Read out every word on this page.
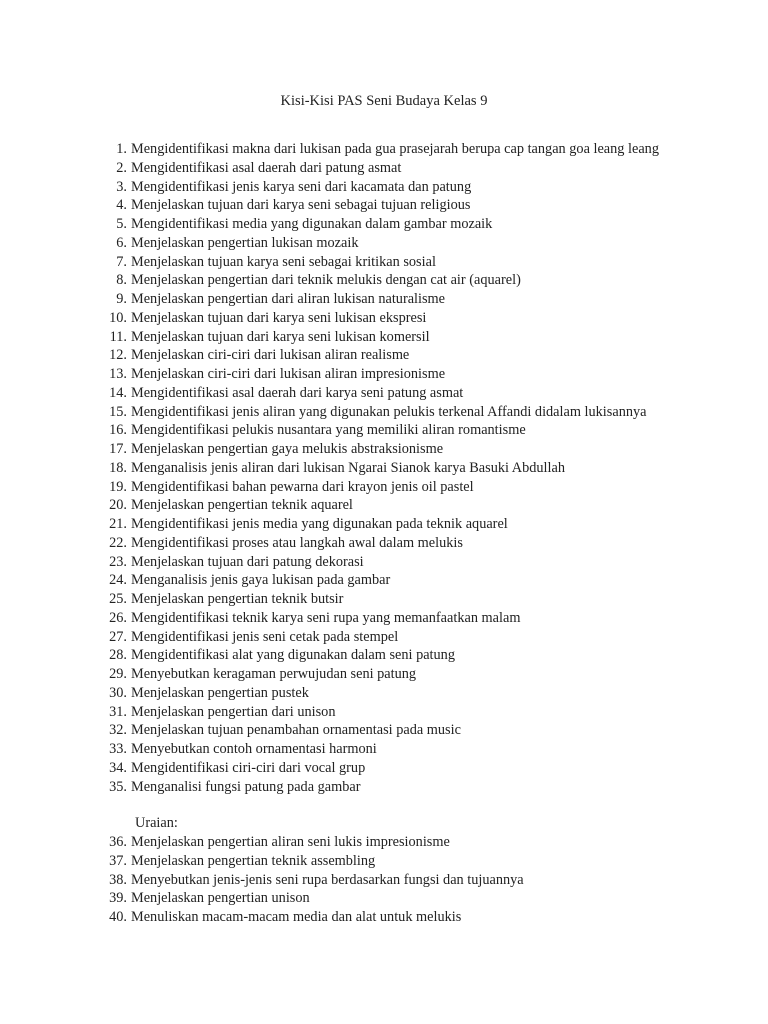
Kisi-Kisi PAS Seni Budaya Kelas 9
1. Mengidentifikasi makna dari lukisan pada gua prasejarah berupa cap tangan goa leang leang
2. Mengidentifikasi asal daerah dari patung asmat
3. Mengidentifikasi jenis karya seni dari kacamata dan patung
4. Menjelaskan tujuan dari karya seni sebagai tujuan religious
5. Mengidentifikasi media yang digunakan dalam gambar mozaik
6. Menjelaskan pengertian lukisan mozaik
7. Menjelaskan tujuan karya seni sebagai kritikan sosial
8. Menjelaskan pengertian dari teknik melukis dengan cat air (aquarel)
9. Menjelaskan pengertian dari aliran lukisan naturalisme
10. Menjelaskan tujuan dari karya seni lukisan ekspresi
11. Menjelaskan tujuan dari karya seni lukisan komersil
12. Menjelaskan ciri-ciri dari lukisan aliran realisme
13. Menjelaskan ciri-ciri dari lukisan aliran impresionisme
14. Mengidentifikasi asal daerah dari karya seni patung asmat
15. Mengidentifikasi jenis aliran yang digunakan pelukis terkenal Affandi didalam lukisannya
16. Mengidentifikasi pelukis nusantara yang memiliki aliran romantisme
17. Menjelaskan pengertian gaya melukis abstraksionisme
18. Menganalisis jenis aliran dari lukisan Ngarai Sianok karya Basuki Abdullah
19. Mengidentifikasi bahan pewarna dari krayon jenis oil pastel
20. Menjelaskan pengertian teknik aquarel
21. Mengidentifikasi jenis media yang digunakan pada teknik aquarel
22. Mengidentifikasi proses atau langkah awal dalam melukis
23. Menjelaskan tujuan dari patung dekorasi
24. Menganalisis jenis gaya lukisan pada gambar
25. Menjelaskan pengertian teknik butsir
26. Mengidentifikasi teknik karya seni rupa yang memanfaatkan malam
27. Mengidentifikasi jenis seni cetak pada stempel
28. Mengidentifikasi alat yang digunakan dalam seni patung
29. Menyebutkan keragaman perwujudan seni patung
30. Menjelaskan pengertian pustek
31. Menjelaskan pengertian dari unison
32. Menjelaskan tujuan penambahan ornamentasi pada music
33. Menyebutkan contoh ornamentasi harmoni
34. Mengidentifikasi ciri-ciri dari vocal grup
35. Menganalisi fungsi patung pada gambar
Uraian:
36. Menjelaskan pengertian aliran seni lukis impresionisme
37. Menjelaskan pengertian teknik assembling
38. Menyebutkan jenis-jenis seni rupa berdasarkan fungsi dan tujuannya
39. Menjelaskan pengertian unison
40. Menuliskan macam-macam media dan alat untuk melukis
